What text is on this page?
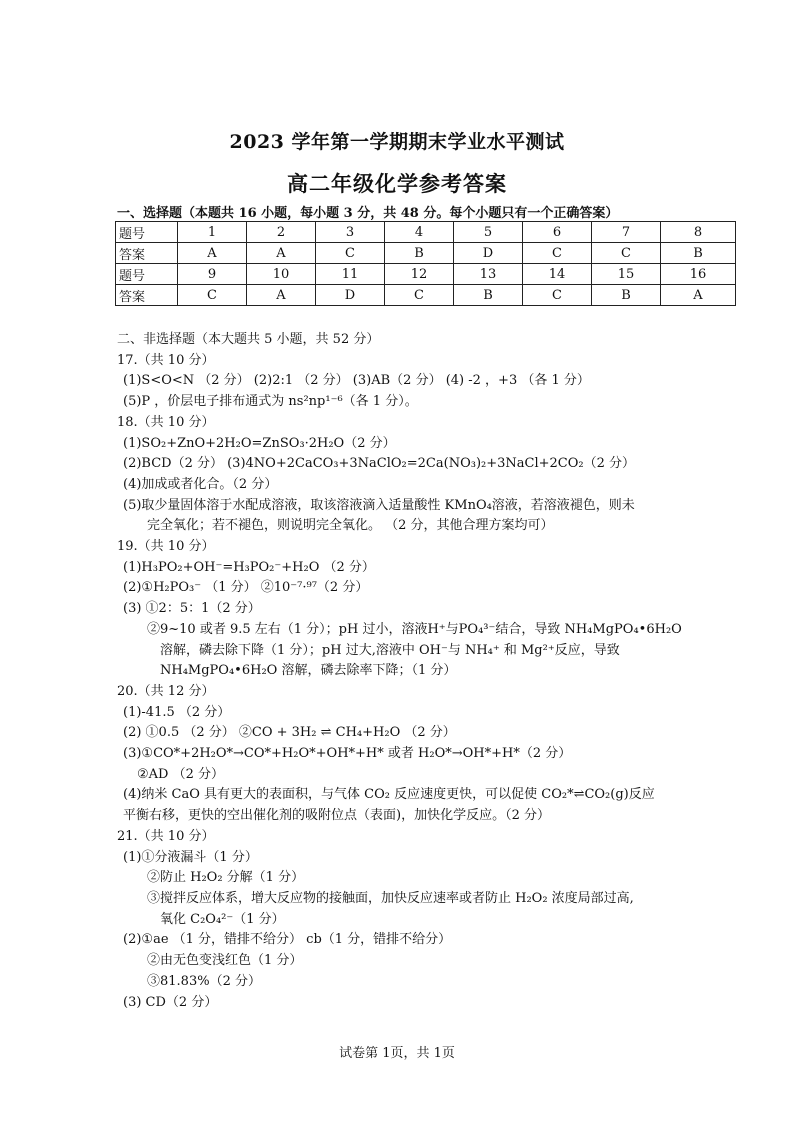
2023 学年第一学期期末学业水平测试
高二年级化学参考答案
一、选择题（本题共 16 小题，每小题 3 分，共 48 分。每个小题只有一个正确答案）
题号	1	2	3	4	5	6	7	8
答案	A	A	C	B	D	C	C	B
题号	9	10	11	12	13	14	15	16
答案	C	A	D	C	B	C	B	A
二、非选择题（本大题共 5 小题，共 52 分）
17.（共 10 分）
(1)S<O<N （2 分） (2)2:1 （2 分） (3)AB（2 分） (4) -2 ，+3 （各 1 分）
(5)P ，价层电子排布通式为 ns²np¹⁻⁶（各 1 分）。
18.（共 10 分）
(1)SO₂+ZnO+2H₂O=ZnSO₃·2H₂O（2 分）
(2)BCD（2 分） (3)4NO+2CaCO₃+3NaClO₂=2Ca(NO₃)₂+3NaCl+2CO₂（2 分）
(4)加成或者化合。（2 分）
(5)取少量固体溶于水配成溶液，取该溶液滴入适量酸性 KMnO₄溶液，若溶液褪色，则未
完全氧化；若不褪色，则说明完全氧化。 （2 分，其他合理方案均可）
19.（共 10 分）
(1)H₃PO₂+OH⁻=H₃PO₂⁻+H₂O （2 分）
(2)①H₂PO₃⁻ （1 分） ②10⁻⁷·⁹⁷（2 分）
(3) ①2：5：1（2 分）
②9~10 或者 9.5 左右（1 分）；pH 过小，溶液H⁺与PO₄³⁻结合，导致 NH₄MgPO₄•6H₂O
溶解，磷去除下降（1 分）；pH 过大,溶液中 OH⁻与 NH₄⁺ 和 Mg²⁺反应，导致
NH₄MgPO₄•6H₂O 溶解，磷去除率下降；（1 分）
20.（共 12 分）
(1)-41.5 （2 分）
(2) ①0.5 （2 分） ②CO + 3H₂ ⇌ CH₄+H₂O （2 分）
(3)①CO*+2H₂O*→CO*+H₂O*+OH*+H* 或者 H₂O*→OH*+H*（2 分）
②AD （2 分）
(4)纳米 CaO 具有更大的表面积，与气体 CO₂ 反应速度更快，可以促使 CO₂*⇌CO₂(g)反应
平衡右移，更快的空出催化剂的吸附位点（表面)，加快化学反应。（2 分）
21.（共 10 分）
(1)①分液漏斗（1 分）
②防止 H₂O₂ 分解（1 分）
③搅拌反应体系，增大反应物的接触面，加快反应速率或者防止 H₂O₂ 浓度局部过高,
氧化 C₂O₄²⁻（1 分）
(2)①ae （1 分，错排不给分） cb（1 分，错排不给分）
②由无色变浅红色（1 分）
③81.83%（2 分）
(3) CD（2 分）
试卷第 1页，共 1页
